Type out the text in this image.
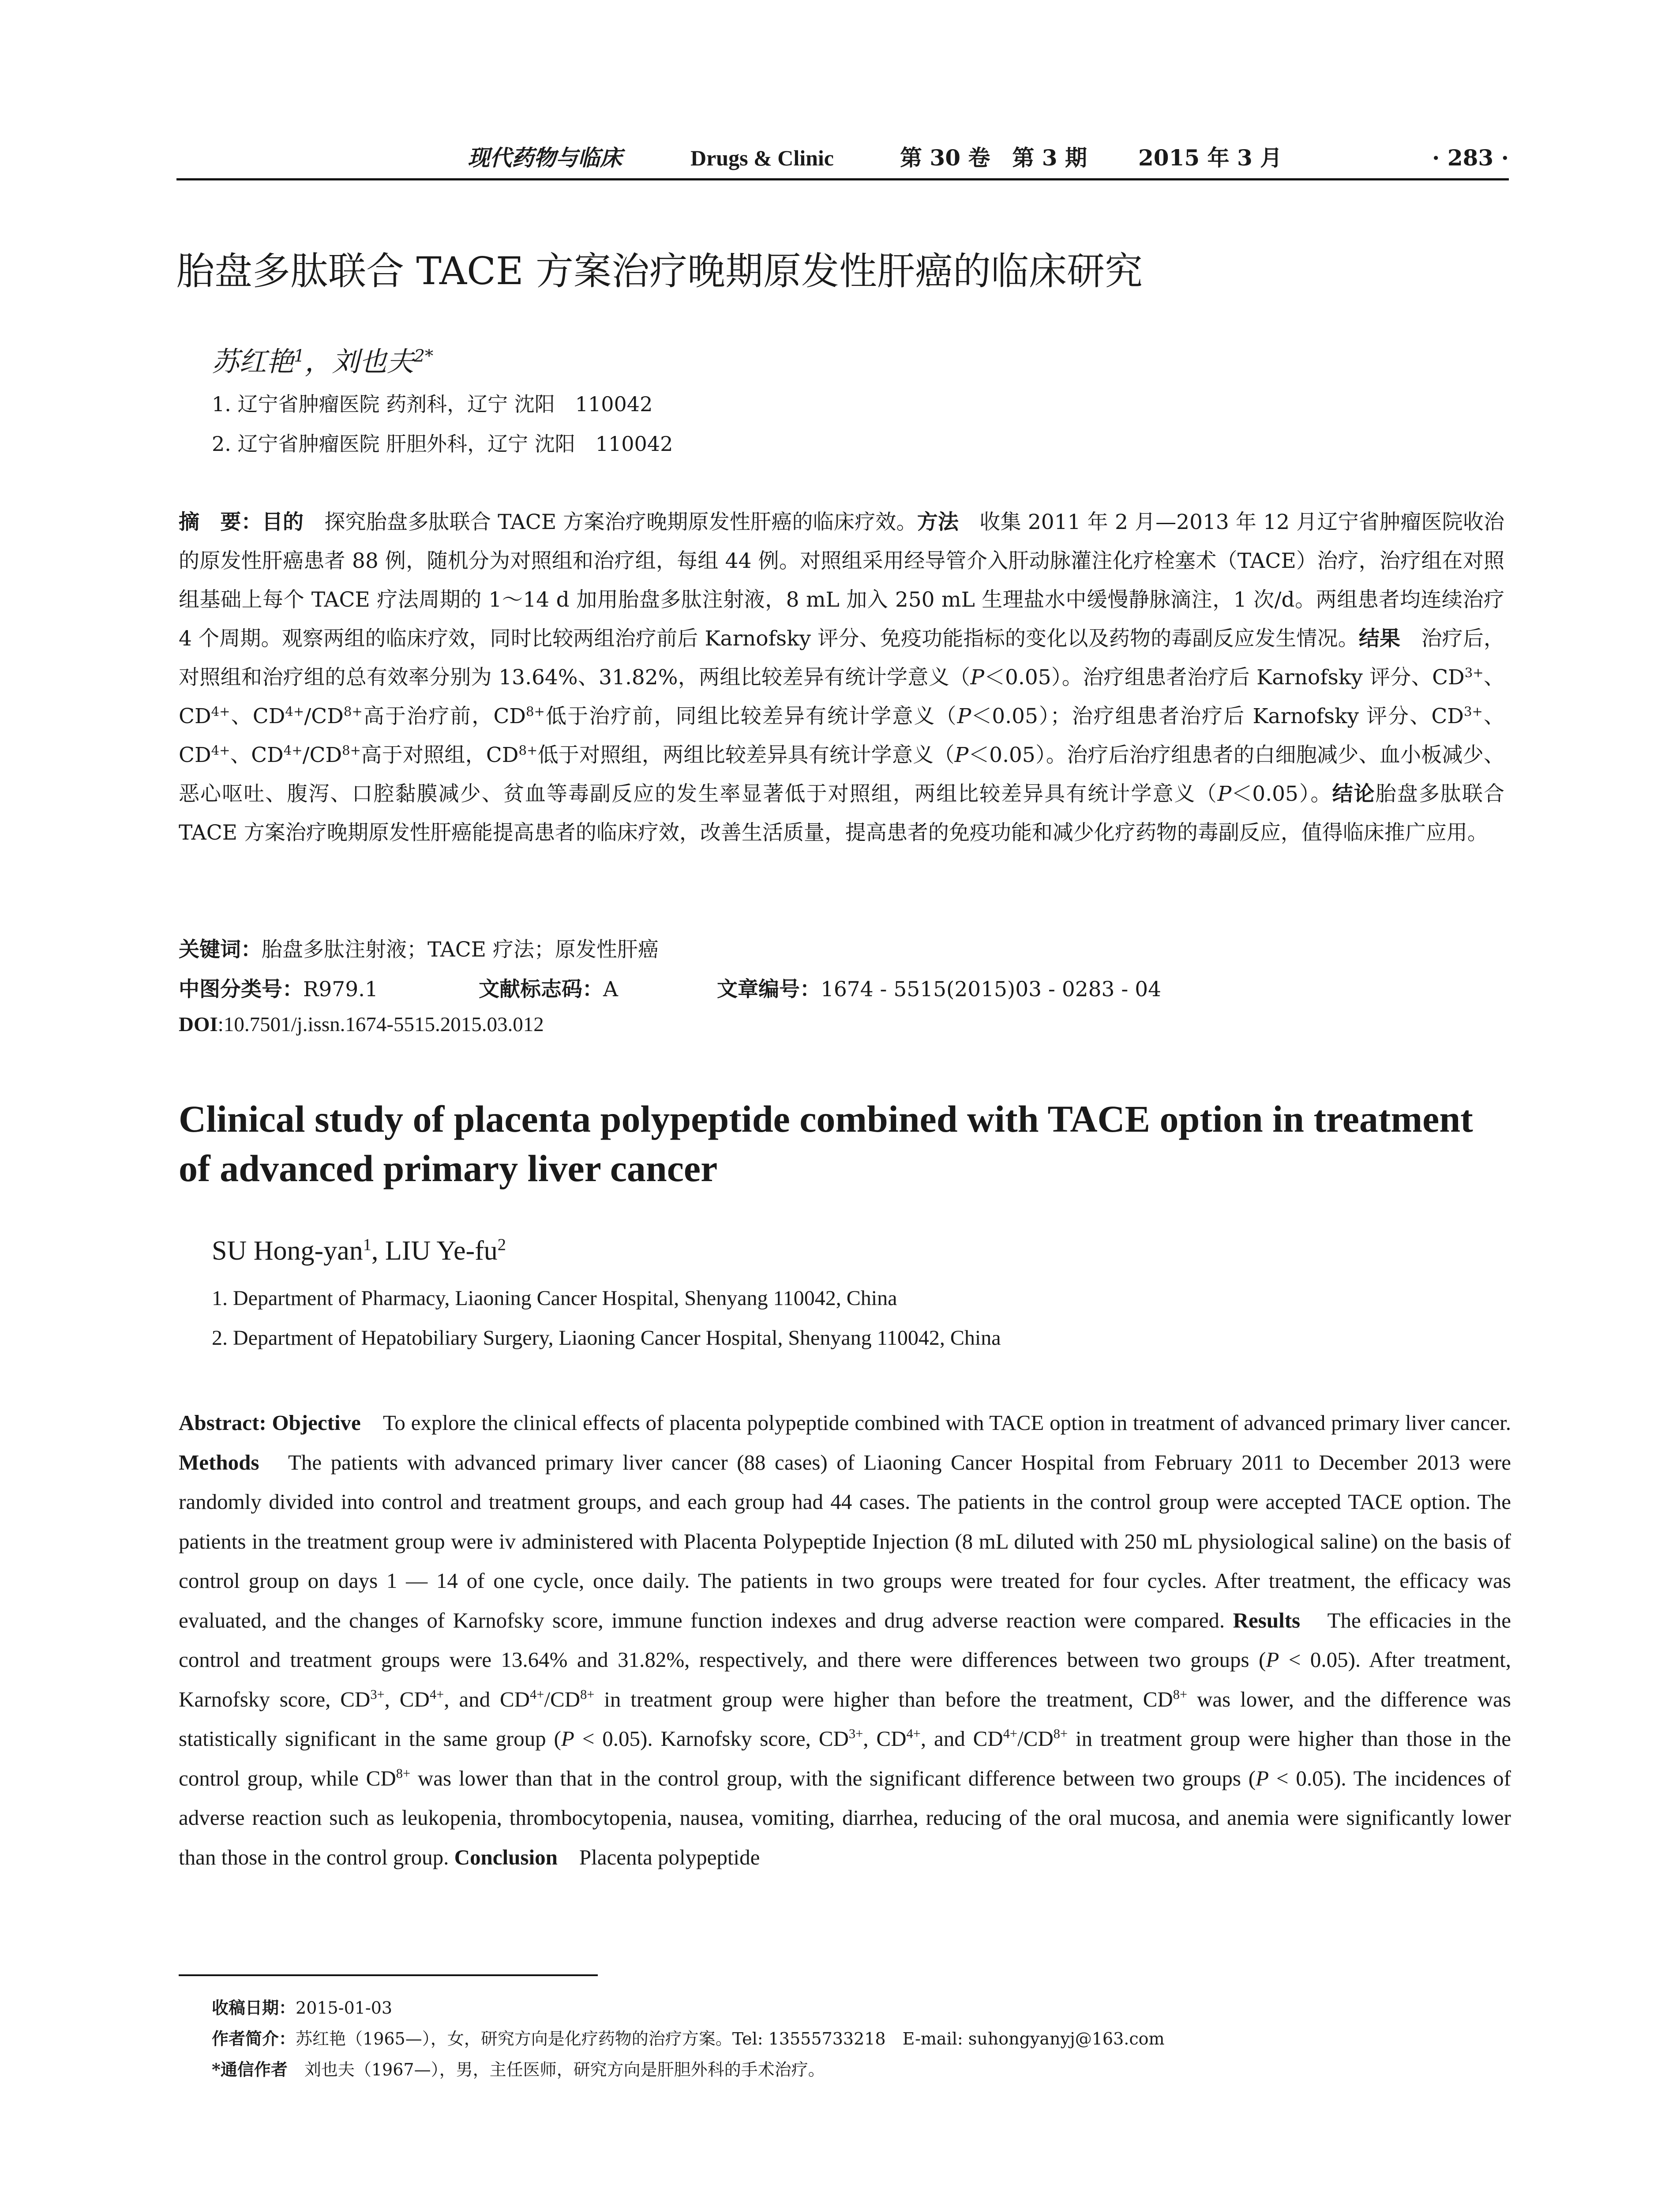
现代药物与临床	Drugs & Clinic	第 30 卷　第 3 期 2015 年 3 月	· 283 ·
胎盘多肽联合 TACE 方案治疗晚期原发性肝癌的临床研究
苏红艳$^1$，刘也夫$^{2*}$
1. 辽宁省肿瘤医院 药剂科，辽宁 沈阳　110042
2. 辽宁省肿瘤医院 肝胆外科，辽宁 沈阳　110042
摘　要：目的　探究胎盘多肽联合 TACE 方案治疗晚期原发性肝癌的临床疗效。方法　收集 2011 年 2 月—2013 年 12 月辽宁省肿瘤医院收治的原发性肝癌患者 88 例，随机分为对照组和治疗组，每组 44 例。对照组采用经导管介入肝动脉灌注化疗栓塞术（TACE）治疗，治疗组在对照组基础上每个 TACE 疗法周期的 1～14 d 加用胎盘多肽注射液，8 mL 加入 250 mL 生理盐水中缓慢静脉滴注，1 次/d。两组患者均连续治疗 4 个周期。观察两组的临床疗效，同时比较两组治疗前后 Karnofsky 评分、免疫功能指标的变化以及药物的毒副反应发生情况。结果　治疗后，对照组和治疗组的总有效率分别为 13.64%、31.82%，两组比较差异有统计学意义（P＜0.05）。治疗组患者治疗后 Karnofsky 评分、$CD^{3+}$、$CD^{4+}$、$CD^{4+}/CD^{8+}$高于治疗前，$CD^{8+}$低于治疗前，同组比较差异有统计学意义（P＜0.05）；治疗组患者治疗后 Karnofsky 评分、$CD^{3+}$、$CD^{4+}$、$CD^{4+}/CD^{8+}$高于对照组，$CD^{8+}$低于对照组，两组比较差异具有统计学意义（P＜0.05）。治疗后治疗组患者的白细胞减少、血小板减少、恶心呕吐、腹泻、口腔黏膜减少、贫血等毒副反应的发生率显著低于对照组，两组比较差异具有统计学意义（P＜0.05）。结论胎盘多肽联合 TACE 方案治疗晚期原发性肝癌能提高患者的临床疗效，改善生活质量，提高患者的免疫功能和减少化疗药物的毒副反应，值得临床推广应用。
关键词：胎盘多肽注射液；TACE 疗法；原发性肝癌
中图分类号：R979.1	文献标志码：A	文章编号：1674 - 5515(2015)03 - 0283 - 04
DOI:10.7501/j.issn.1674-5515.2015.03.012
Clinical study of placenta polypeptide combined with TACE option in treatment of advanced primary liver cancer
SU Hong-yan$^1$, LIU $Ye-fu^2$
1. Department of Pharmacy, Liaoning Cancer Hospital, Shenyang 110042, China
2. Department of Hepatobiliary Surgery, Liaoning Cancer Hospital, Shenyang 110042, China
Abstract: Objective　To explore the clinical effects of placenta polypeptide combined with TACE option in treatment of advanced primary liver cancer. Methods　The patients with advanced primary liver cancer (88 cases) of Liaoning Cancer Hospital from February 2011 to December 2013 were randomly divided into control and treatment groups, and each group had 44 cases. The patients in the control group were accepted TACE option. The patients in the treatment group were iv administered with Placenta Polypeptide Injection (8 mL diluted with 250 mL physiological saline) on the basis of control group on days 1 — 14 of one cycle, once daily. The patients in two groups were treated for four cycles. After treatment, the efficacy was evaluated, and the changes of Karnofsky score, immune function indexes and drug adverse reaction were compared. Results　The efficacies in the control and treatment groups were 13.64% and 31.82%, respectively, and there were differences between two groups (P < 0.05). After treatment, Karnofsky score, $CD^{3+}$, $CD^{4+}$, and $CD^{4+}/CD^{8+}$ in treatment group were higher than before the treatment, $CD^{8+}$ was lower, and the difference was statistically significant in the same group (P < 0.05). Karnofsky score, $CD^{3+}$, $CD^{4+}$, and $CD^{4+}/CD^{8+}$ in treatment group were higher than those in the control group, while $CD^{8+}$ was lower than that in the control group, with the significant difference between two groups (P < 0.05). The incidences of adverse reaction such as leukopenia, thrombocytopenia, nausea, vomiting, diarrhea, reducing of the oral mucosa, and anemia were significantly lower than those in the control group. Conclusion　Placenta polypeptide
收稿日期：2015-01-03
作者简介：苏红艳（1965—），女，研究方向是化疗药物的治疗方案。Tel: 13555733218　E-mail: suhongyanyj@163.com
*通信作者　刘也夫（1967—），男，主任医师，研究方向是肝胆外科的手术治疗。
